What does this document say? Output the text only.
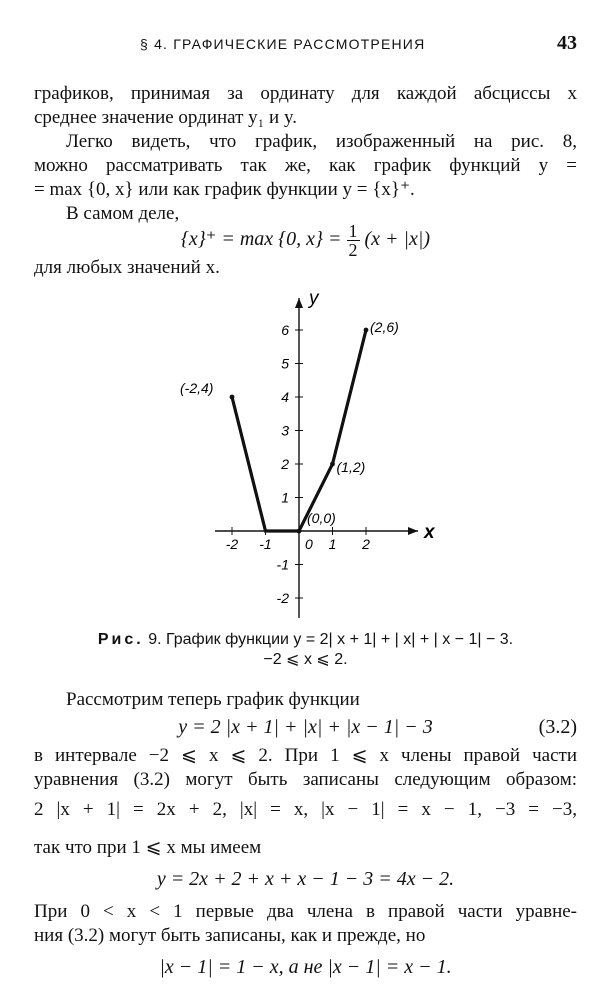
§ 4. ГРАФИЧЕСКИЕ РАССМОТРЕНИЯ	43
графиков, принимая за ординату для каждой абсциссы x
среднее значение ординат y₁ и y.
Легко видеть, что график, изображенный на рис. 8,
можно рассматривать так же, как график функций y =
= max {0, x} или как график функции y = {x}⁺.
В самом деле,
{x}⁺ = max {0, $x\} = \frac{1}{2} (x + |x|)$
для любых значений x.
x
y
-2 -1	1 2
0
6
5
4
3
2
1
-1
-2
(-2,4)
(2,6)
(1,2)
(0,0)
Рис. 9. График функции y = 2| x + 1| + | x| + | x − 1| − 3.
−2 ⩽ x ⩽ 2.
Рассмотрим теперь график функции
y = 2 |x + 1| + |x| + |x − 1| − 3	(3.2)
в интервале −2 ⩽ x ⩽ 2. При 1 ⩽ x члены правой части
уравнения (3.2) могут быть записаны следующим образом:
2 |x + 1| = 2x + 2, |x| = x, |x − 1| = x − 1, −3 = −3,
так что при 1 ⩽ x мы имеем
y = 2x + 2 + x + x − 1 − 3 = 4x − 2.
При 0 < x < 1 первые два члена в правой части уравне-
ния (3.2) могут быть записаны, как и прежде, но
|x − 1| = 1 − x, а не |x − 1| = x − 1.
